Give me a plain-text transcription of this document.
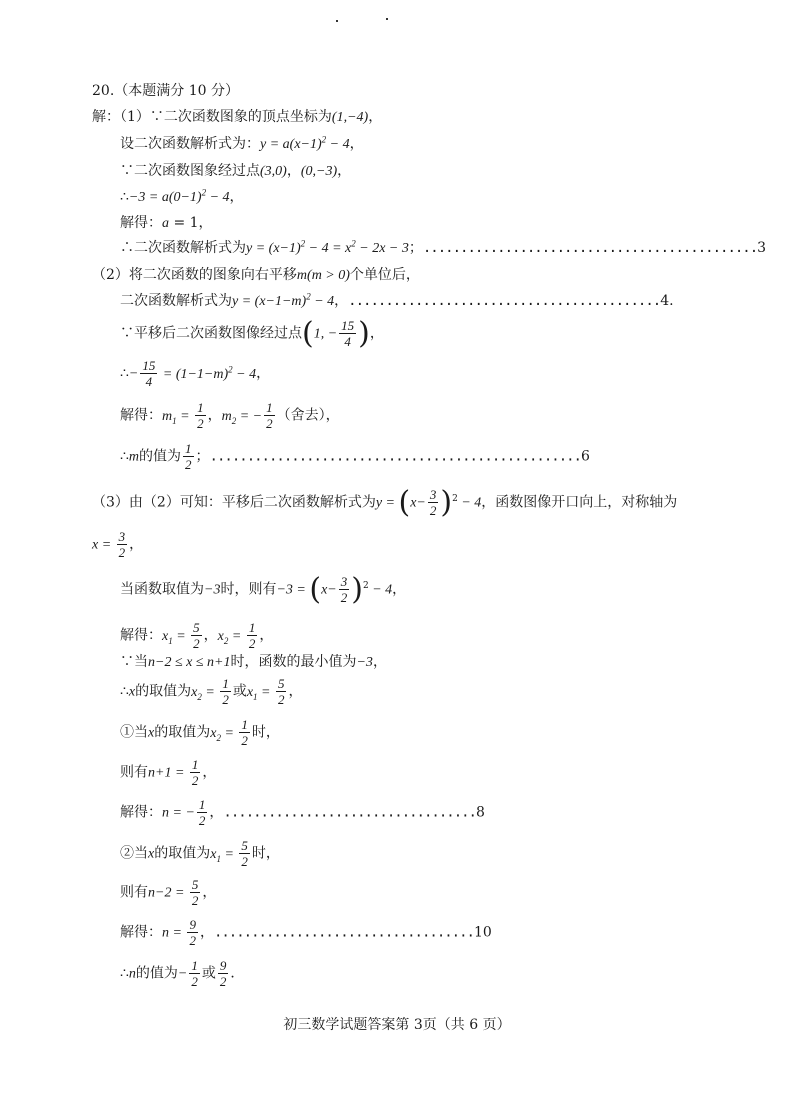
20.（本题满分 10 分）
解：（1）∵二次函数图象的顶点坐标为(1,−4)，
设二次函数解析式为：$y = a(x-1)^2 - 4$，
∵二次函数图象经过点(3,0)，(0,−3)，
∴−3 = $a(0-1)^2 - 4$，
解得：a = 1，
∴二次函数解析式为$y = (x-1)^2 - 4 = x^2 - 2x - 3$；.............................................3
（2）将二次函数的图象向右平移m(m > 0)个单位后，
二次函数解析式为$y = (x-1-m)^2 - 4$，..........................................4.
∵平移后二次函数图像经过点(1, − $\frac{15}{4}$ )，
∴− $\frac{15}{4} = (1-1-m)^2 - 4$，
解得：$m_1 = \frac{1}{2}$ ，$m_2$ = − $\frac{1}{2}$ （舍去），
∴m的值为 $\frac{1}{2}$ ；..................................................6
（3）由（2）可知：平移后二次函数解析式为$y = (x- \frac{3}{2} )^2 - 4$，函数图像开口向上，对称轴为
$x = \frac{3}{2}$ ，
当函数取值为−3时，则有$-3 = (x- \frac{3}{2} )^2 - 4$，
解得：$x_1 = \frac{5}{2}$ ，$x_2 = \frac{1}{2}$ ，
∵当n−2 ≤ x ≤ n+1时，函数的最小值为−3，
∴x的取值为$x_2 = \frac{1}{2}$ 或$x_1 = \frac{5}{2}$ ，
①当x的取值为$x_2 = \frac{1}{2}$ 时，
则有$n+1 = \frac{1}{2}$ ，
解得：n = − $\frac{1}{2}$ ，..................................8
②当x的取值为$x_1 = \frac{5}{2}$ 时，
则有$n-2 = \frac{5}{2}$ ，
解得：$n = \frac{9}{2}$ ，...................................10
∴n的值为− $\frac{1}{2}$ 或 $\frac{9}{2}$ ．
初三数学试题答案第 3页（共 6 页）
